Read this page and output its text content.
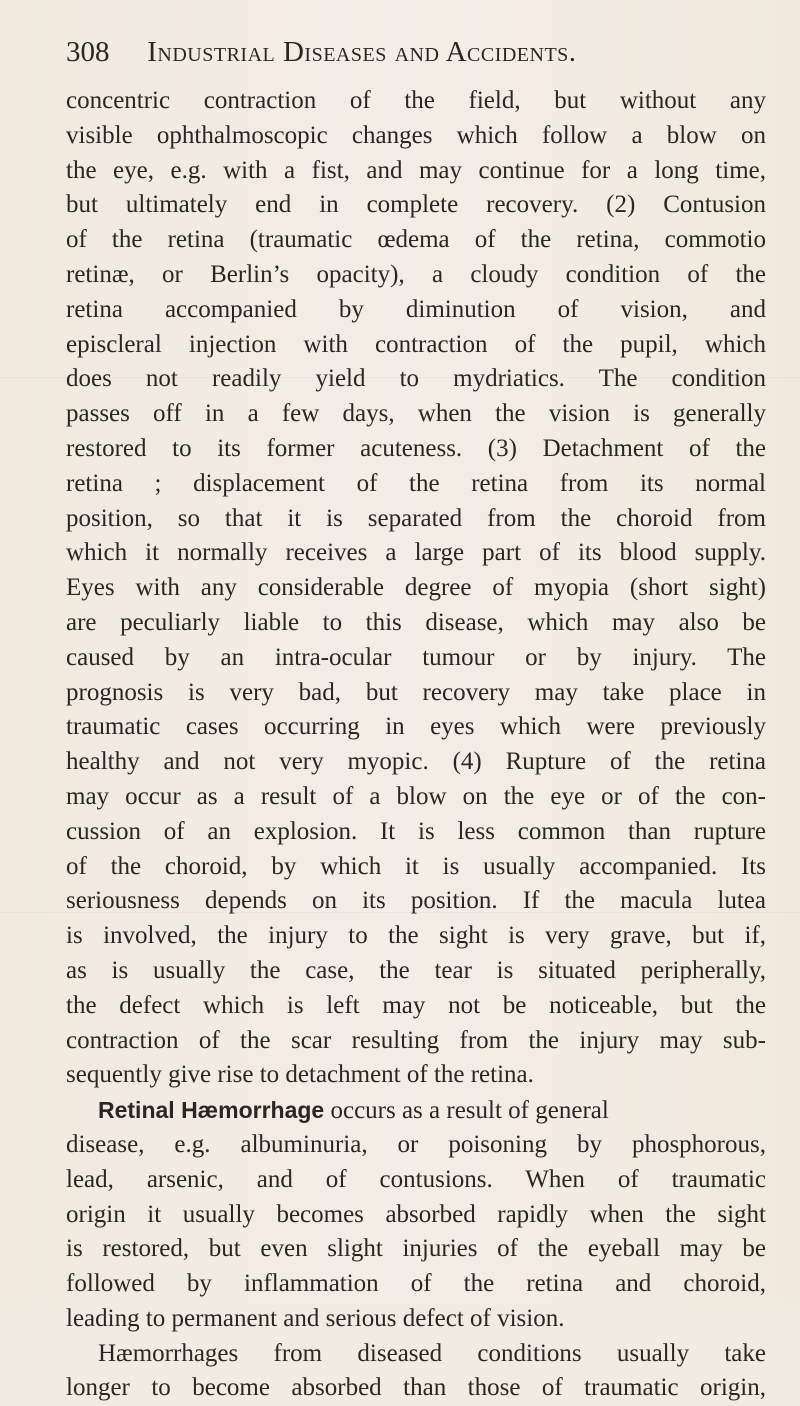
308 Industrial Diseases and Accidents.
concentric contraction of the field, but without any
visible ophthalmoscopic changes which follow a blow on
the eye, e.g. with a fist, and may continue for a long time,
but ultimately end in complete recovery. (2) Contusion
of the retina (traumatic œdema of the retina, commotio
retinæ, or Berlin’s opacity), a cloudy condition of the
retina accompanied by diminution of vision, and
episcleral injection with contraction of the pupil, which
does not readily yield to mydriatics. The condition
passes off in a few days, when the vision is generally
restored to its former acuteness. (3) Detachment of the
retina ; displacement of the retina from its normal
position, so that it is separated from the choroid from
which it normally receives a large part of its blood supply.
Eyes with any considerable degree of myopia (short sight)
are peculiarly liable to this disease, which may also be
caused by an intra-ocular tumour or by injury. The
prognosis is very bad, but recovery may take place in
traumatic cases occurring in eyes which were previously
healthy and not very myopic. (4) Rupture of the retina
may occur as a result of a blow on the eye or of the con-
cussion of an explosion. It is less common than rupture
of the choroid, by which it is usually accompanied. Its
seriousness depends on its position. If the macula lutea
is involved, the injury to the sight is very grave, but if,
as is usually the case, the tear is situated peripherally,
the defect which is left may not be noticeable, but the
contraction of the scar resulting from the injury may sub-
sequently give rise to detachment of the retina.
Retinal Hæmorrhage occurs as a result of general
disease, e.g. albuminuria, or poisoning by phosphorous,
lead, arsenic, and of contusions. When of traumatic
origin it usually becomes absorbed rapidly when the sight
is restored, but even slight injuries of the eyeball may be
followed by inflammation of the retina and choroid,
leading to permanent and serious defect of vision.
Hæmorrhages from diseased conditions usually take
longer to become absorbed than those of traumatic origin,
